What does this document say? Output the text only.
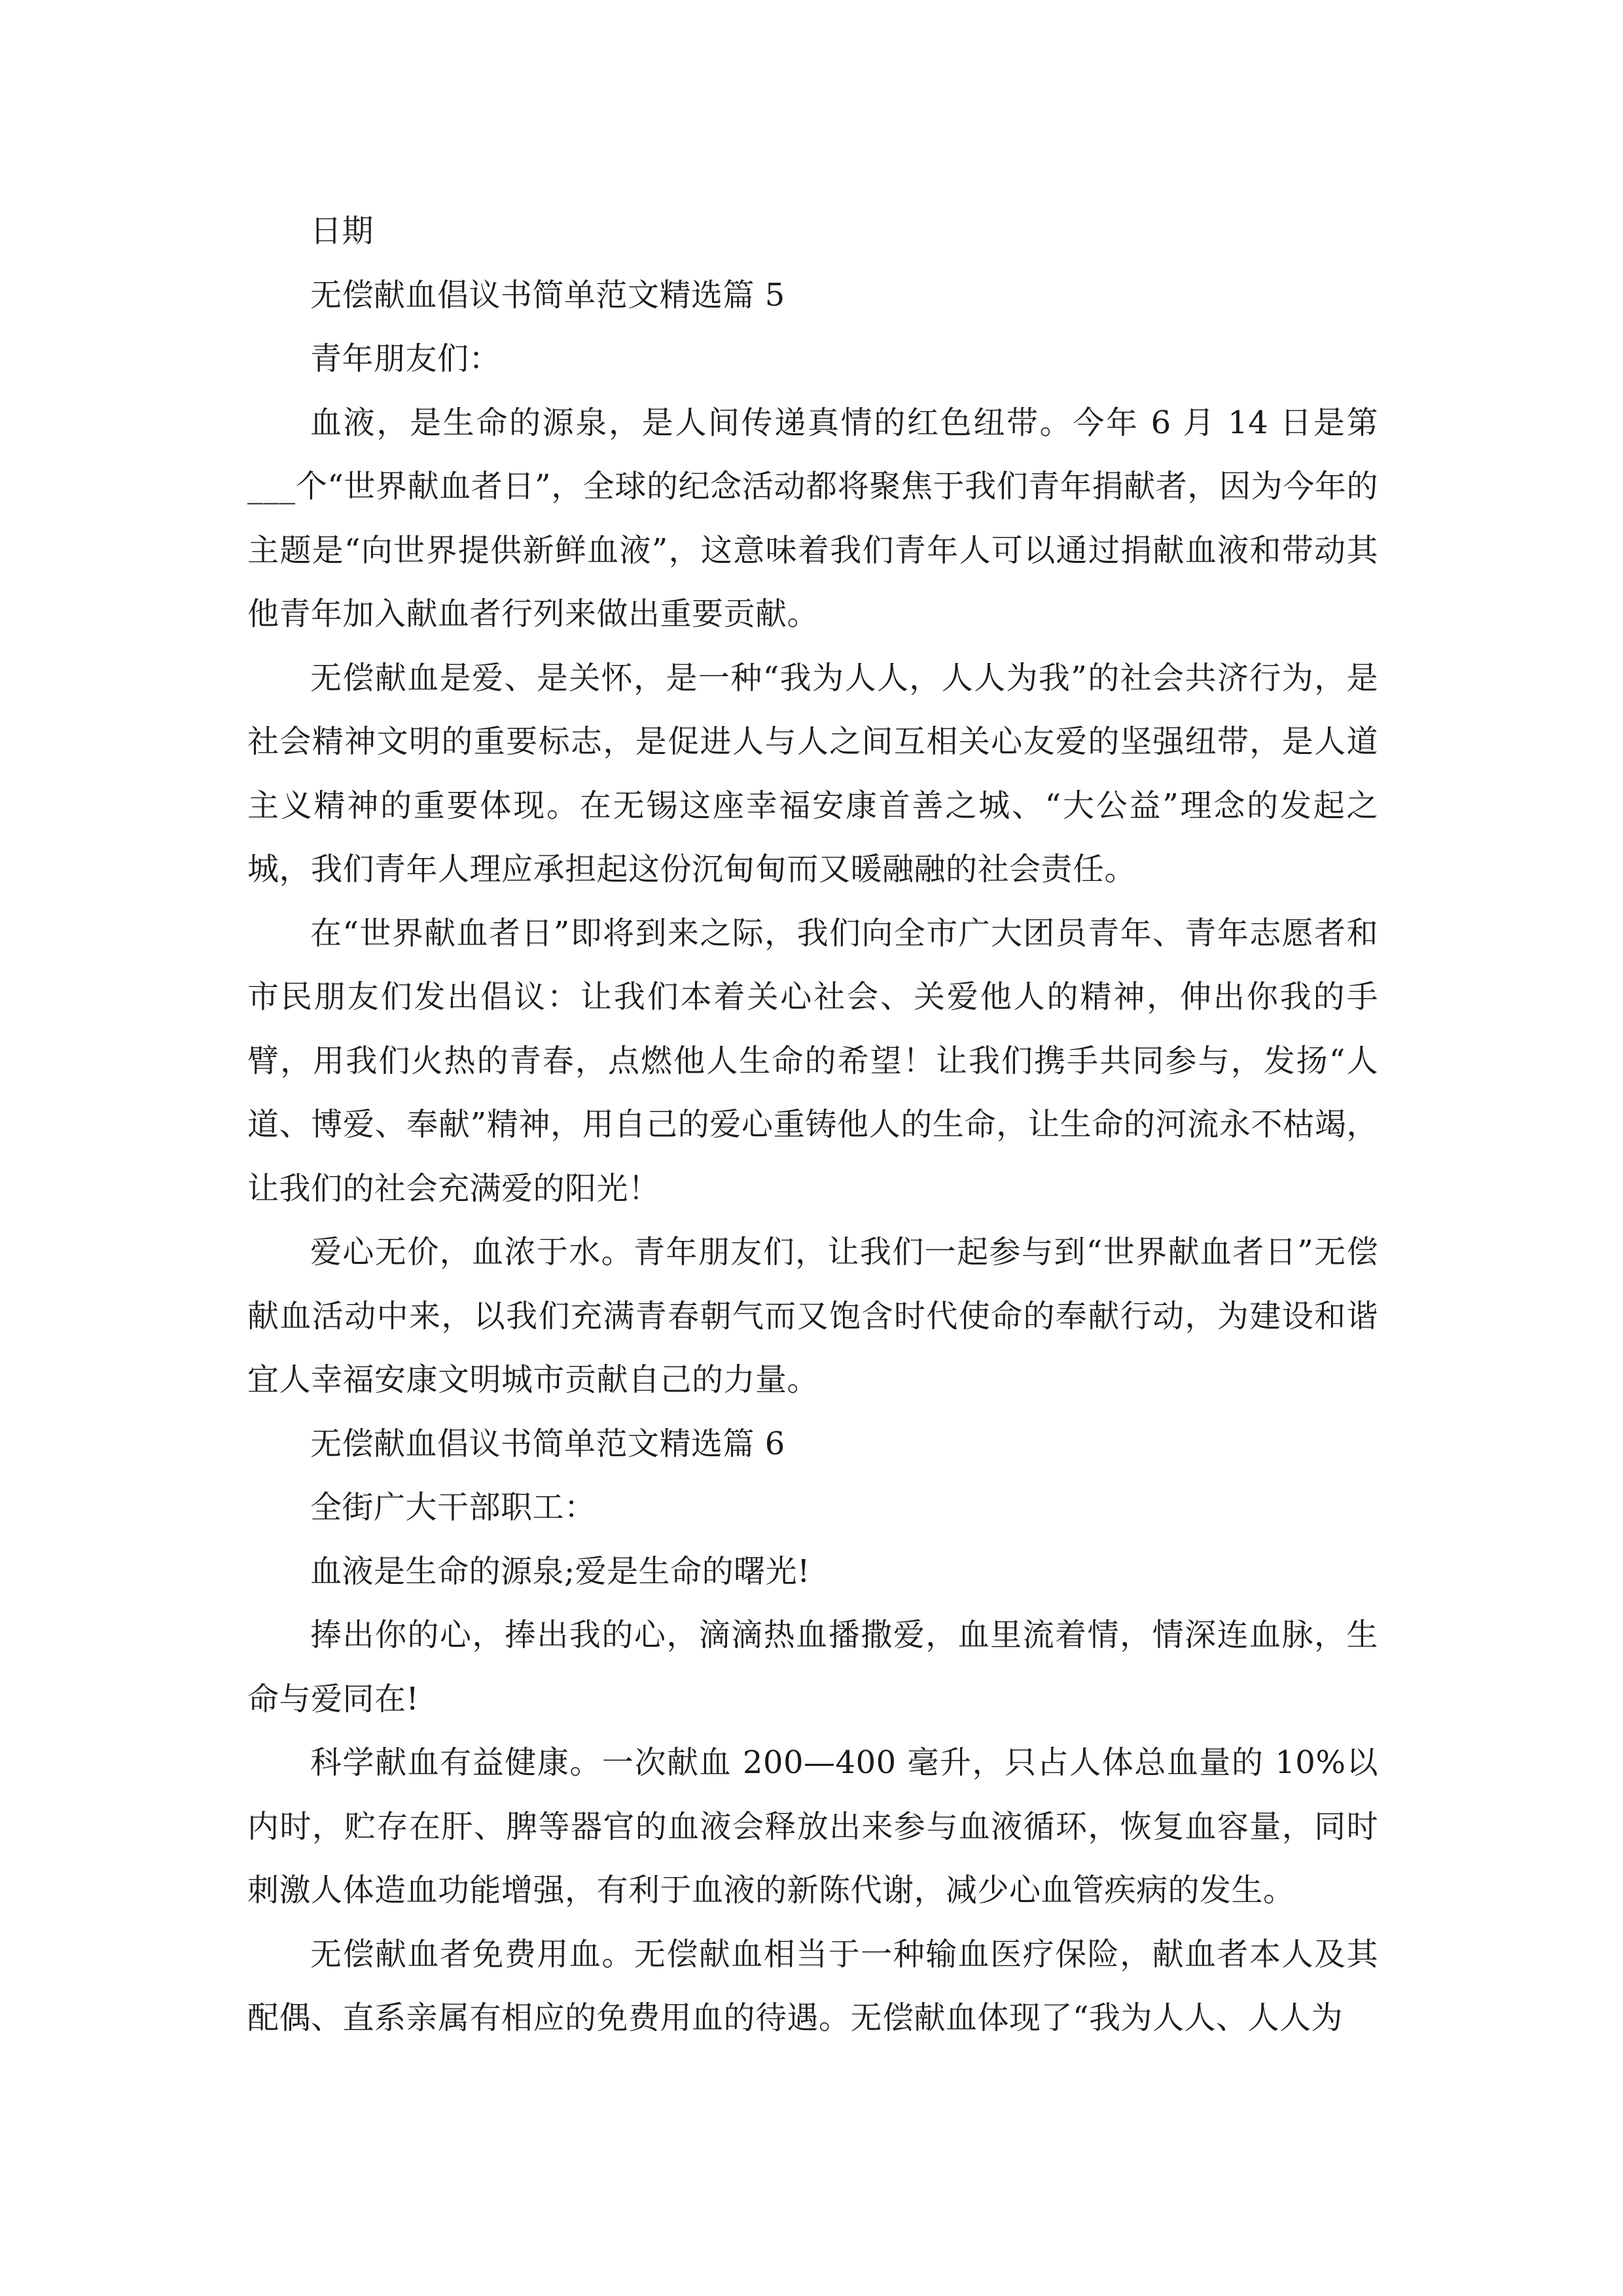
日期
无偿献血倡议书简单范文精选篇 5
青年朋友们：

血液，是生命的源泉，是人间传递真情的红色纽带。今年 6 月 14 日是第___个“世界献血者日”，全球的纪念活动都将聚焦于我们青年捐献者，因为今年的主题是“向世界提供新鲜血液”，这意味着我们青年人可以通过捐献血液和带动其他青年加入献血者行列来做出重要贡献。

无偿献血是爱、是关怀，是一种“我为人人，人人为我”的社会共济行为，是社会精神文明的重要标志，是促进人与人之间互相关心友爱的坚强纽带，是人道主义精神的重要体现。在无锡这座幸福安康首善之城、“大公益”理念的发起之城，我们青年人理应承担起这份沉甸甸而又暖融融的社会责任。

在“世界献血者日”即将到来之际，我们向全市广大团员青年、青年志愿者和市民朋友们发出倡议：让我们本着关心社会、关爱他人的精神，伸出你我的手臂，用我们火热的青春，点燃他人生命的希望！让我们携手共同参与，发扬“人道、博爱、奉献”精神，用自己的爱心重铸他人的生命，让生命的河流永不枯竭，让我们的社会充满爱的阳光！

爱心无价，血浓于水。青年朋友们，让我们一起参与到“世界献血者日”无偿献血活动中来，以我们充满青春朝气而又饱含时代使命的奉献行动，为建设和谐宜人幸福安康文明城市贡献自己的力量。

无偿献血倡议书简单范文精选篇 6
全街广大干部职工：
血液是生命的源泉;爱是生命的曙光!

捧出你的心，捧出我的心，滴滴热血播撒爱，血里流着情，情深连血脉，生命与爱同在!

科学献血有益健康。一次献血 200—400 毫升，只占人体总血量的 10%以内时，贮存在肝、脾等器官的血液会释放出来参与血液循环，恢复血容量，同时刺激人体造血功能增强，有利于血液的新陈代谢，减少心血管疾病的发生。

无偿献血者免费用血。无偿献血相当于一种输血医疗保险，献血者本人及其配偶、直系亲属有相应的免费用血的待遇。无偿献血体现了“我为人人、人人为
